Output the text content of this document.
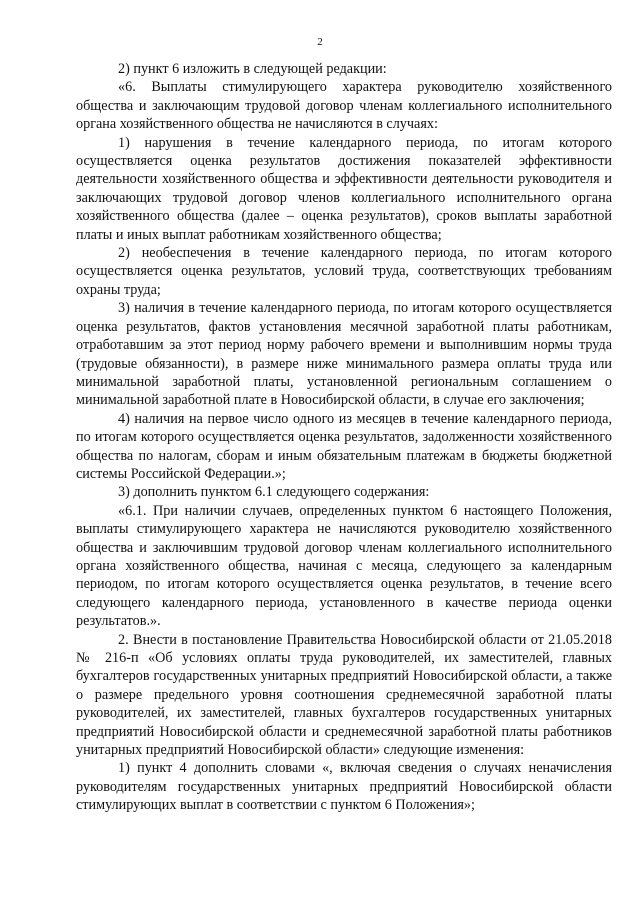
2

2) пункт 6 изложить в следующей редакции:

«6. Выплаты стимулирующего характера руководителю хозяйственного общества и заключающим трудовой договор членам коллегиального исполнительного органа хозяйственного общества не начисляются в случаях:

1) нарушения в течение календарного периода, по итогам которого осуществляется оценка результатов достижения показателей эффективности деятельности хозяйственного общества и эффективности деятельности руководителя и заключающих трудовой договор членов коллегиального исполнительного органа хозяйственного общества (далее – оценка результатов), сроков выплаты заработной платы и иных выплат работникам хозяйственного общества;

2) необеспечения в течение календарного периода, по итогам которого осуществляется оценка результатов, условий труда, соответствующих требованиям охраны труда;

3) наличия в течение календарного периода, по итогам которого осуществляется оценка результатов, фактов установления месячной заработной платы работникам, отработавшим за этот период норму рабочего времени и выполнившим нормы труда (трудовые обязанности), в размере ниже минимального размера оплаты труда или минимальной заработной платы, установленной региональным соглашением о минимальной заработной плате в Новосибирской области, в случае его заключения;

4) наличия на первое число одного из месяцев в течение календарного периода, по итогам которого осуществляется оценка результатов, задолженности хозяйственного общества по налогам, сборам и иным обязательным платежам в бюджеты бюджетной системы Российской Федерации.»;

3) дополнить пунктом 6.1 следующего содержания:

«6.1. При наличии случаев, определенных пунктом 6 настоящего Положения, выплаты стимулирующего характера не начисляются руководителю хозяйственного общества и заключившим трудовой договор членам коллегиального исполнительного органа хозяйственного общества, начиная с месяца, следующего за календарным периодом, по итогам которого осуществляется оценка результатов, в течение всего следующего календарного периода, установленного в качестве периода оценки результатов.».

2. Внести в постановление Правительства Новосибирской области от 21.05.2018 № 216-п «Об условиях оплаты труда руководителей, их заместителей, главных бухгалтеров государственных унитарных предприятий Новосибирской области, а также о размере предельного уровня соотношения среднемесячной заработной платы руководителей, их заместителей, главных бухгалтеров государственных унитарных предприятий Новосибирской области и среднемесячной заработной платы работников унитарных предприятий Новосибирской области» следующие изменения:

1) пункт 4 дополнить словами «, включая сведения о случаях неначисления руководителям государственных унитарных предприятий Новосибирской области стимулирующих выплат в соответствии с пунктом 6 Положения»;
